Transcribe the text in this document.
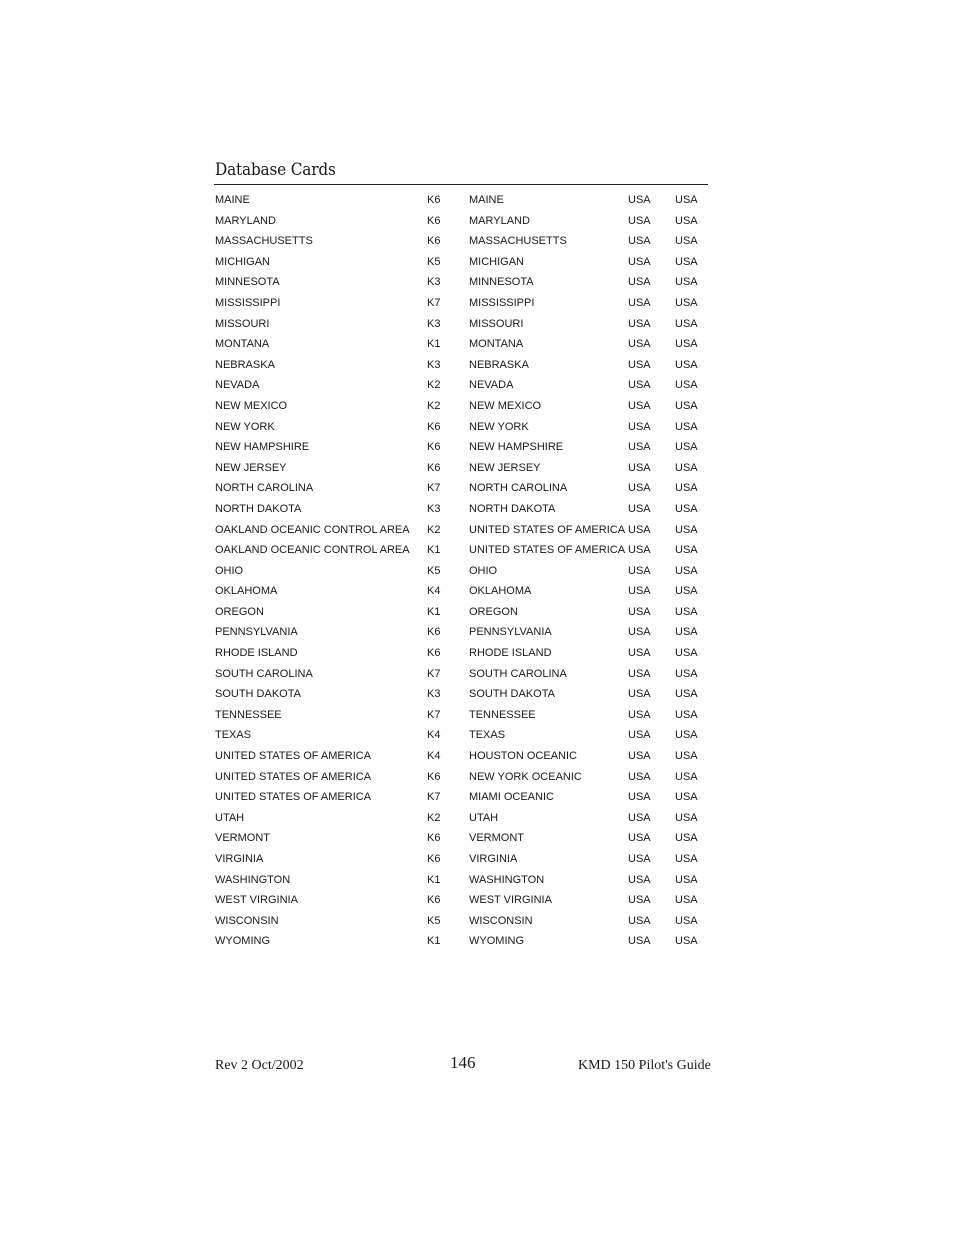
Database Cards
MAINE	K6	MAINE	USA USA
MARYLAND	K6	MARYLAND	USA USA
MASSACHUSETTS	K6	MASSACHUSETTS	USA USA
MICHIGAN	K5	MICHIGAN	USA USA
MINNESOTA	K3	MINNESOTA	USA USA
MISSISSIPPI	K7	MISSISSIPPI	USA USA
MISSOURI	K3	MISSOURI	USA USA
MONTANA	K1	MONTANA	USA USA
NEBRASKA	K3	NEBRASKA	USA USA
NEVADA	K2	NEVADA	USA USA
NEW MEXICO	K2	NEW MEXICO	USA USA
NEW YORK	K6	NEW YORK	USA USA
NEW HAMPSHIRE	K6	NEW HAMPSHIRE	USA USA
NEW JERSEY	K6	NEW JERSEY	USA USA
NORTH CAROLINA	K7	NORTH CAROLINA	USA USA
NORTH DAKOTA	K3	NORTH DAKOTA	USA USA
OAKLAND OCEANIC CONTROL AREA K2	UNITED STATES OF AMERICA USA USA
OAKLAND OCEANIC CONTROL AREA K1	UNITED STATES OF AMERICA USA USA
OHIO	K5	OHIO	USA USA
OKLAHOMA	K4	OKLAHOMA	USA USA
OREGON	K1	OREGON	USA USA
PENNSYLVANIA	K6	PENNSYLVANIA	USA USA
RHODE ISLAND	K6	RHODE ISLAND	USA USA
SOUTH CAROLINA	K7	SOUTH CAROLINA	USA USA
SOUTH DAKOTA	K3	SOUTH DAKOTA	USA USA
TENNESSEE	K7	TENNESSEE	USA USA
TEXAS	K4	TEXAS	USA USA
UNITED STATES OF AMERICA	K4	HOUSTON OCEANIC	USA USA
UNITED STATES OF AMERICA	K6	NEW YORK OCEANIC	USA USA
UNITED STATES OF AMERICA	K7	MIAMI OCEANIC	USA USA
UTAH	K2	UTAH	USA USA
VERMONT	K6	VERMONT	USA USA
VIRGINIA	K6	VIRGINIA	USA USA
WASHINGTON	K1	WASHINGTON	USA USA
WEST VIRGINIA	K6	WEST VIRGINIA	USA USA
WISCONSIN	K5	WISCONSIN	USA USA
WYOMING	K1	WYOMING	USA USA
Rev 2 Oct/2002	146	KMD 150 Pilot's Guide
